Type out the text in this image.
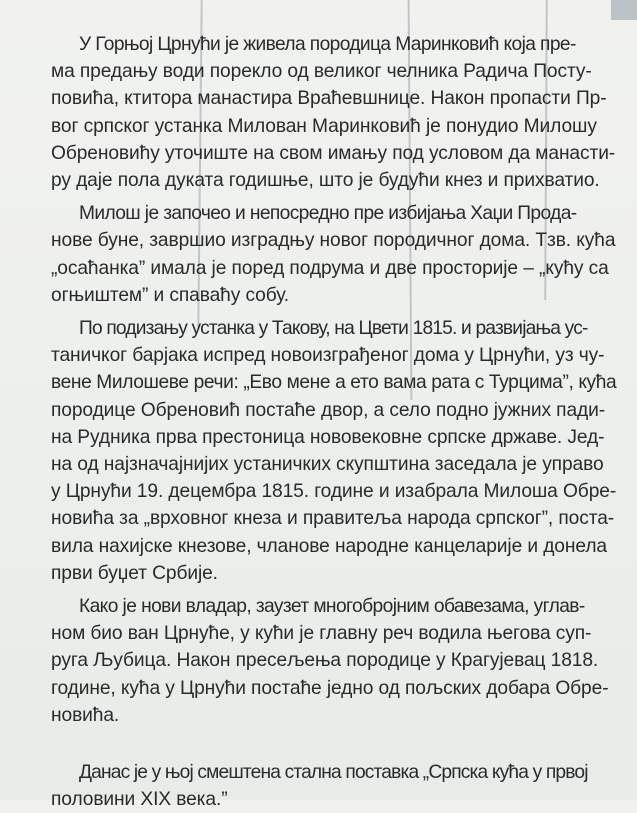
У Горњој Црнући је живела породица Маринковић која пре-
ма предању води порекло од великог челника Радича Посту-
повића, ктитора манастира Враћевшнице. Након пропасти Пр-
вог српског устанка Милован Маринковић је понудио Милошу
Обреновићу уточиште на свом имању под условом да манасти-
ру даје пола дуката годишње, што је будући кнез и прихватио.
Милош је започео и непосредно пре избијања Хаџи Прода-
нове буне, завршио изградњу новог породичног дома. Тзв. кућа
„осаћанка” имала је поред подрума и две просторије – „кућу са
огњиштем” и спаваћу собу.
По подизању устанка у Такову, на Цвети 1815. и развијања ус-
таничког барјака испред новоизграђеног дома у Црнући, уз чу-
вене Милошеве речи: „Ево мене а ето вама рата с Турцима”, кућа
породице Обреновић постаће двор, а село подно јужних пади-
на Рудника прва престоница нововековне српске државе. Јед-
на од најзначајнијих устаничких скупштина заседала је управо
у Црнући 19. децембра 1815. године и изабрала Милоша Обре-
новића за „врховног кнеза и правитеља народа српског”, поста-
вила нахијске кнезове, чланове народне канцеларије и донела
први буџет Србије.
Како је нови владар, заузет многобројним обавезама, углав-
ном био ван Црнуће, у кући је главну реч водила његова суп-
руга Љубица. Након пресељења породице у Крагујевац 1818.
године, кућа у Црнући постаће једно од пољских добара Обре-
новића.
Данас је у њој смештена стална поставка „Српска кућа у првој
половини XIX века.”
